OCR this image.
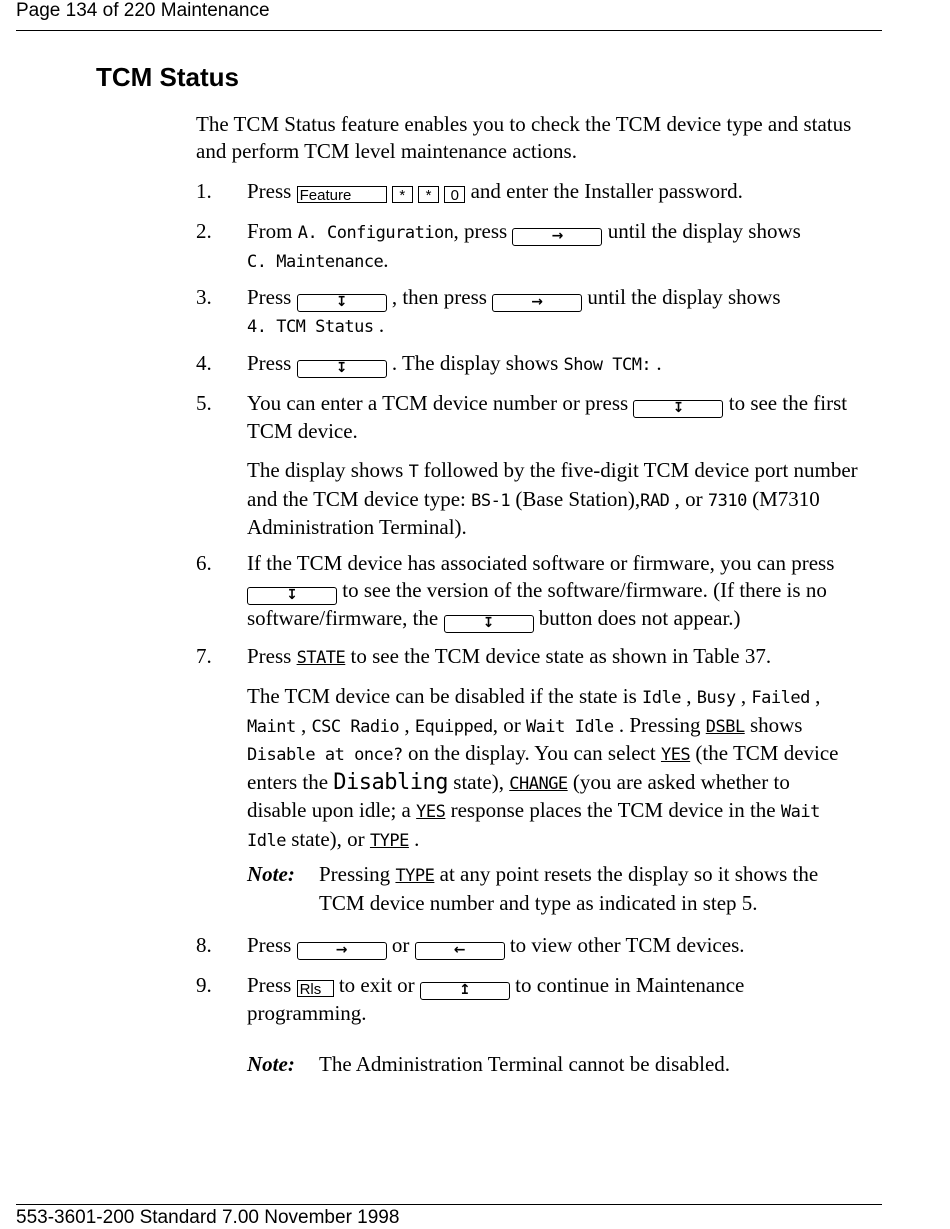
Page 134 of 220 Maintenance
TCM Status
The TCM Status feature enables you to check the TCM device type and status
and perform TCM level maintenance actions.
1. Press Feature	* * 0 and enter the Installer password.
2. From A. Configuration, press	→ until the display shows
C. Maintenance.
3. Press	↧ , then press	→ until the display shows
4. TCM Status .
4. Press	↧ . The display shows Show TCM: .
5. You can enter a TCM device number or press	↧ to see the first
TCM device.
The display shows T followed by the five-digit TCM device port number
and the TCM device type: BS-1 (Base Station),RAD , or 7310 (M7310
Administration Terminal).
6. If the TCM device has associated software or firmware, you can press
↧ to see the version of the software/firmware. (If there is no
software/firmware, the	↧ button does not appear.)
7. Press STATE to see the TCM device state as shown in Table 37.
The TCM device can be disabled if the state is Idle , Busy , Failed ,
Maint , CSC Radio , Equipped, or Wait Idle . Pressing DSBL shows
Disable at once? on the display. You can select YES (the TCM device
enters the Disabling state), CHANGE (you are asked whether to
disable upon idle; a YES response places the TCM device in the Wait
Idle state), or TYPE .
Note: Pressing TYPE at any point resets the display so it shows the
TCM device number and type as indicated in step 5.
8. Press	→ or	← to view other TCM devices.
9. Press Rls to exit or	↥ to continue in Maintenance
programming.
Note: The Administration Terminal cannot be disabled.
553-3601-200 Standard 7.00 November 1998
